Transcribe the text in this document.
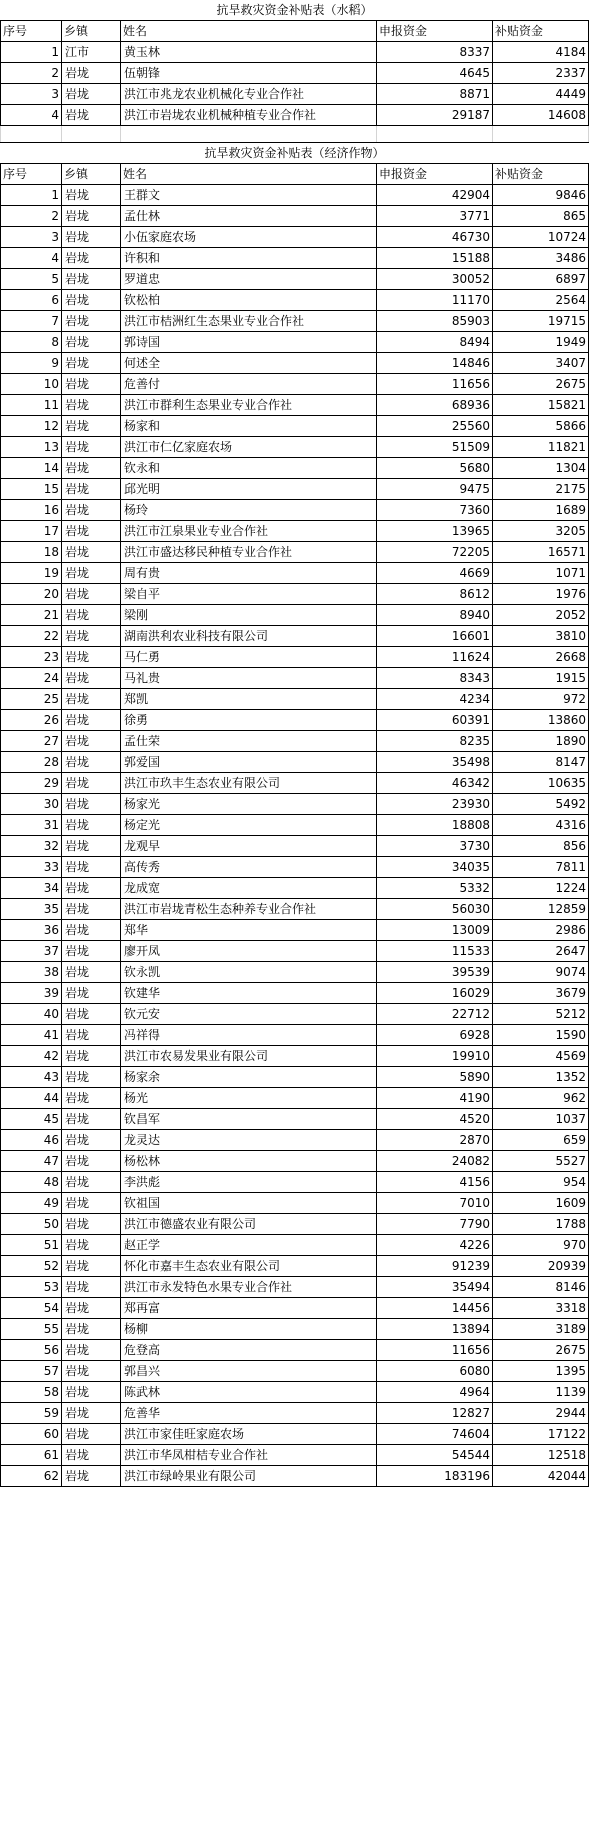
抗旱救灾资金补贴表（水稻）				
序号	乡镇	姓名	申报资金	补贴资金
1	江市	黄玉林	8337	4184
2	岩垅	伍朝锋	4645	2337
3	岩垅	洪江市兆龙农业机械化专业合作社	8871	4449
4	岩垅	洪江市岩垅农业机械种植专业合作社	29187	14608

抗旱救灾资金补贴表（经济作物）				
序号	乡镇	姓名	申报资金	补贴资金
1	岩垅	王群文	42904	9846
2	岩垅	孟仕林	3771	865
3	岩垅	小伍家庭农场	46730	10724
4	岩垅	许积和	15188	3486
5	岩垅	罗道忠	30052	6897
6	岩垅	钦松柏	11170	2564
7	岩垅	洪江市桔洲红生态果业专业合作社	85903	19715
8	岩垅	郭诗国	8494	1949
9	岩垅	何述全	14846	3407
10	岩垅	危善付	11656	2675
11	岩垅	洪江市群利生态果业专业合作社	68936	15821
12	岩垅	杨家和	25560	5866
13	岩垅	洪江市仁亿家庭农场	51509	11821
14	岩垅	钦永和	5680	1304
15	岩垅	邱光明	9475	2175
16	岩垅	杨玲	7360	1689
17	岩垅	洪江市江泉果业专业合作社	13965	3205
18	岩垅	洪江市盛达移民种植专业合作社	72205	16571
19	岩垅	周有贵	4669	1071
20	岩垅	梁自平	8612	1976
21	岩垅	梁刚	8940	2052
22	岩垅	湖南洪利农业科技有限公司	16601	3810
23	岩垅	马仁勇	11624	2668
24	岩垅	马礼贵	8343	1915
25	岩垅	郑凯	4234	972
26	岩垅	徐勇	60391	13860
27	岩垅	孟仕荣	8235	1890
28	岩垅	郭爱国	35498	8147
29	岩垅	洪江市玖丰生态农业有限公司	46342	10635
30	岩垅	杨家光	23930	5492
31	岩垅	杨定光	18808	4316
32	岩垅	龙观早	3730	856
33	岩垅	高传秀	34035	7811
34	岩垅	龙成宽	5332	1224
35	岩垅	洪江市岩垅青松生态种养专业合作社	56030	12859
36	岩垅	郑华	13009	2986
37	岩垅	廖开凤	11533	2647
38	岩垅	钦永凯	39539	9074
39	岩垅	钦建华	16029	3679
40	岩垅	钦元安	22712	5212
41	岩垅	冯祥得	6928	1590
42	岩垅	洪江市农易发果业有限公司	19910	4569
43	岩垅	杨家余	5890	1352
44	岩垅	杨光	4190	962
45	岩垅	钦昌军	4520	1037
46	岩垅	龙灵达	2870	659
47	岩垅	杨松林	24082	5527
48	岩垅	李洪彪	4156	954
49	岩垅	钦祖国	7010	1609
50	岩垅	洪江市德盛农业有限公司	7790	1788
51	岩垅	赵正学	4226	970
52	岩垅	怀化市嘉丰生态农业有限公司	91239	20939
53	岩垅	洪江市永发特色水果专业合作社	35494	8146
54	岩垅	郑再富	14456	3318
55	岩垅	杨柳	13894	3189
56	岩垅	危登高	11656	2675
57	岩垅	郭昌兴	6080	1395
58	岩垅	陈武林	4964	1139
59	岩垅	危善华	12827	2944
60	岩垅	洪江市家佳旺家庭农场	74604	17122
61	岩垅	洪江市华凤柑桔专业合作社	54544	12518
62	岩垅	洪江市绿岭果业有限公司	183196	42044
